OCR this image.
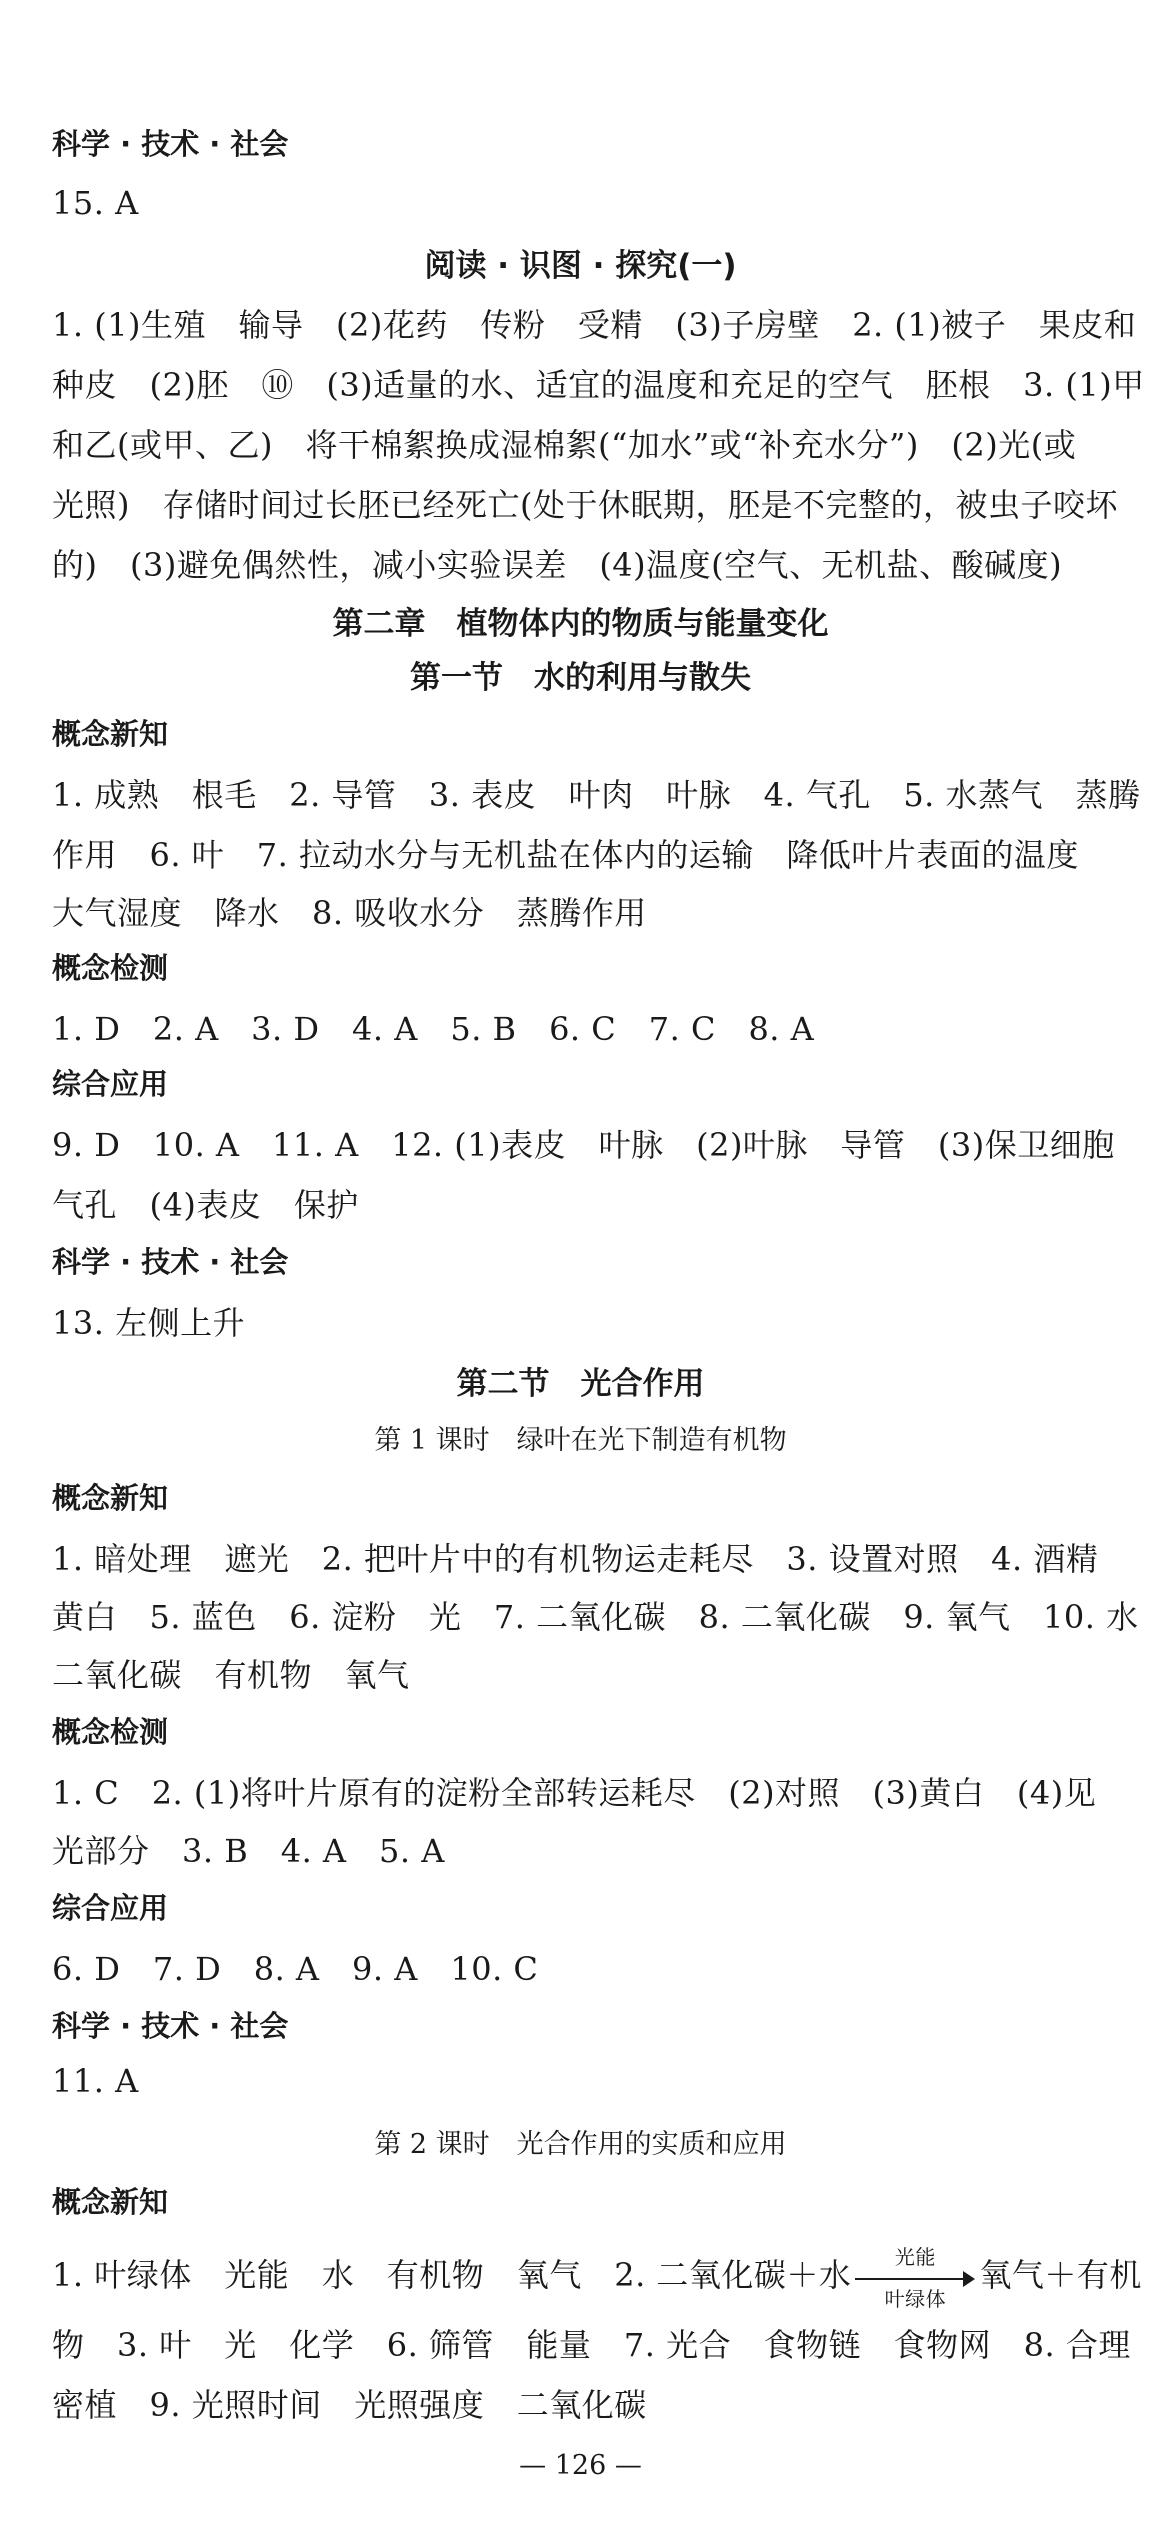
科学 · 技术 · 社会
15. A
阅读 · 识图 · 探究(一)
1. (1)生殖　输导　(2)花药　传粉　受精　(3)子房壁　2. (1)被子　果皮和
种皮　(2)胚　⑩　(3)适量的水、适宜的温度和充足的空气　胚根　3. (1)甲
和乙(或甲、乙)　将干棉絮换成湿棉絮(“加水”或“补充水分”)　(2)光(或
光照)　存储时间过长胚已经死亡(处于休眠期，胚是不完整的，被虫子咬坏
的)　(3)避免偶然性，减小实验误差　(4)温度(空气、无机盐、酸碱度)
第二章　植物体内的物质与能量变化
第一节　水的利用与散失
概念新知
1. 成熟　根毛　2. 导管　3. 表皮　叶肉　叶脉　4. 气孔　5. 水蒸气　蒸腾
作用　6. 叶　7. 拉动水分与无机盐在体内的运输　降低叶片表面的温度
大气湿度　降水　8. 吸收水分　蒸腾作用
概念检测
1. D　2. A　3. D　4. A　5. B　6. C　7. C　8. A
综合应用
9. D　10. A　11. A　12. (1)表皮　叶脉　(2)叶脉　导管　(3)保卫细胞
气孔　(4)表皮　保护
科学 · 技术 · 社会
13. 左侧上升
第二节　光合作用
第 1 课时　绿叶在光下制造有机物
概念新知
1. 暗处理　遮光　2. 把叶片中的有机物运走耗尽　3. 设置对照　4. 酒精
黄白　5. 蓝色　6. 淀粉　光　7. 二氧化碳　8. 二氧化碳　9. 氧气　10. 水
二氧化碳　有机物　氧气
概念检测
1. C　2. (1)将叶片原有的淀粉全部转运耗尽　(2)对照　(3)黄白　(4)见
光部分　3. B　4. A　5. A
综合应用
6. D　7. D　8. A　9. A　10. C
科学 · 技术 · 社会
11. A
第 2 课时　光合作用的实质和应用
概念新知
1. 叶绿体　光能　水　有机物　氧气　2. 二氧化碳＋水	光能
叶绿体
氧气＋有机
物　3. 叶　光　化学　6. 筛管　能量　7. 光合　食物链　食物网　8. 合理
密植　9. 光照时间　光照强度　二氧化碳
— 126 —
